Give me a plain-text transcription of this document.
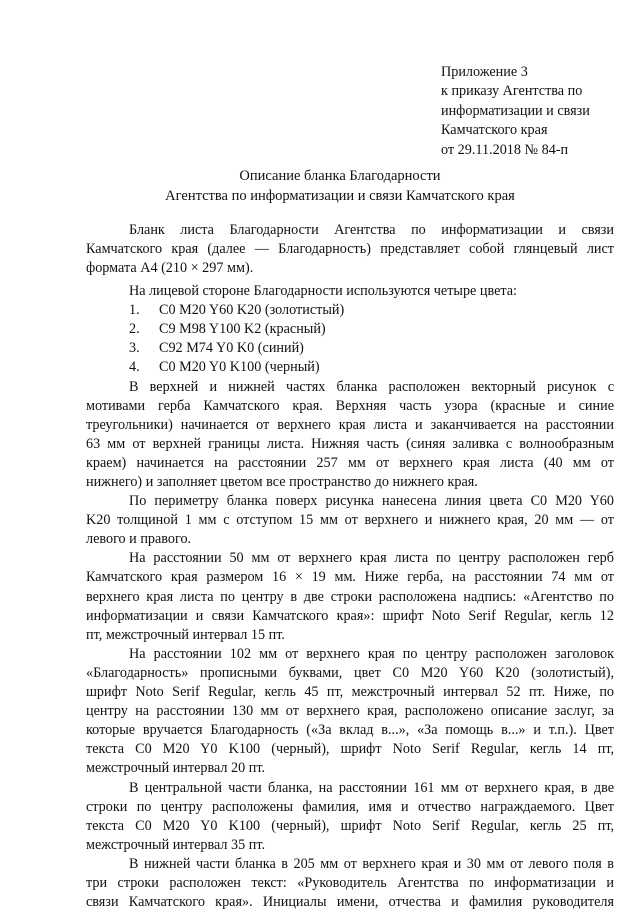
Приложение 3
к приказу Агентства по
информатизации и связи
Камчатского края
от 29.11.2018 № 84-п
Описание бланка Благодарности
Агентства по информатизации и связи Камчатского края
Бланк листа Благодарности Агентства по информатизации и связи
Камчатского края (далее — Благодарность) представляет собой глянцевый лист
формата А4 (210 × 297 мм).
На лицевой стороне Благодарности используются четыре цвета:
1.	C0 M20 Y60 K20 (золотистый)
2.	C9 M98 Y100 K2 (красный)
3.	C92 M74 Y0 K0 (синий)
4.	C0 M20 Y0 K100 (черный)
В верхней и нижней частях бланка расположен векторный рисунок с
мотивами герба Камчатского края. Верхняя часть узора (красные и синие
треугольники) начинается от верхнего края листа и заканчивается на расстоянии
63 мм от верхней границы листа. Нижняя часть (синяя заливка с волнообразным
краем) начинается на расстоянии 257 мм от верхнего края листа (40 мм от
нижнего) и заполняет цветом все пространство до нижнего края.
По периметру бланка поверх рисунка нанесена линия цвета C0 M20 Y60
K20 толщиной 1 мм с отступом 15 мм от верхнего и нижнего края, 20 мм — от
левого и правого.
На расстоянии 50 мм от верхнего края листа по центру расположен герб
Камчатского края размером 16 × 19 мм. Ниже герба, на расстоянии 74 мм от
верхнего края листа по центру в две строки расположена надпись: «Агентство по
информатизации и связи Камчатского края»: шрифт Noto Serif Regular, кегль 12
пт, межстрочный интервал 15 пт.
На расстоянии 102 мм от верхнего края по центру расположен заголовок
«Благодарность» прописными буквами, цвет C0 M20 Y60 K20 (золотистый),
шрифт Noto Serif Regular, кегль 45 пт, межстрочный интервал 52 пт. Ниже, по
центру на расстоянии 130 мм от верхнего края, расположено описание заслуг, за
которые вручается Благодарность («За вклад в...», «За помощь в...» и т.п.). Цвет
текста C0 M20 Y0 K100 (черный), шрифт Noto Serif Regular, кегль 14 пт,
межстрочный интервал 20 пт.
В центральной части бланка, на расстоянии 161 мм от верхнего края, в две
строки по центру расположены фамилия, имя и отчество награждаемого. Цвет
текста C0 M20 Y0 K100 (черный), шрифт Noto Serif Regular, кегль 25 пт,
межстрочный интервал 35 пт.
В нижней части бланка в 205 мм от верхнего края и 30 мм от левого поля в
три строки расположен текст: «Руководитель Агентства по информатизации и
связи Камчатского края». Инициалы имени, отчества и фамилия руководителя
